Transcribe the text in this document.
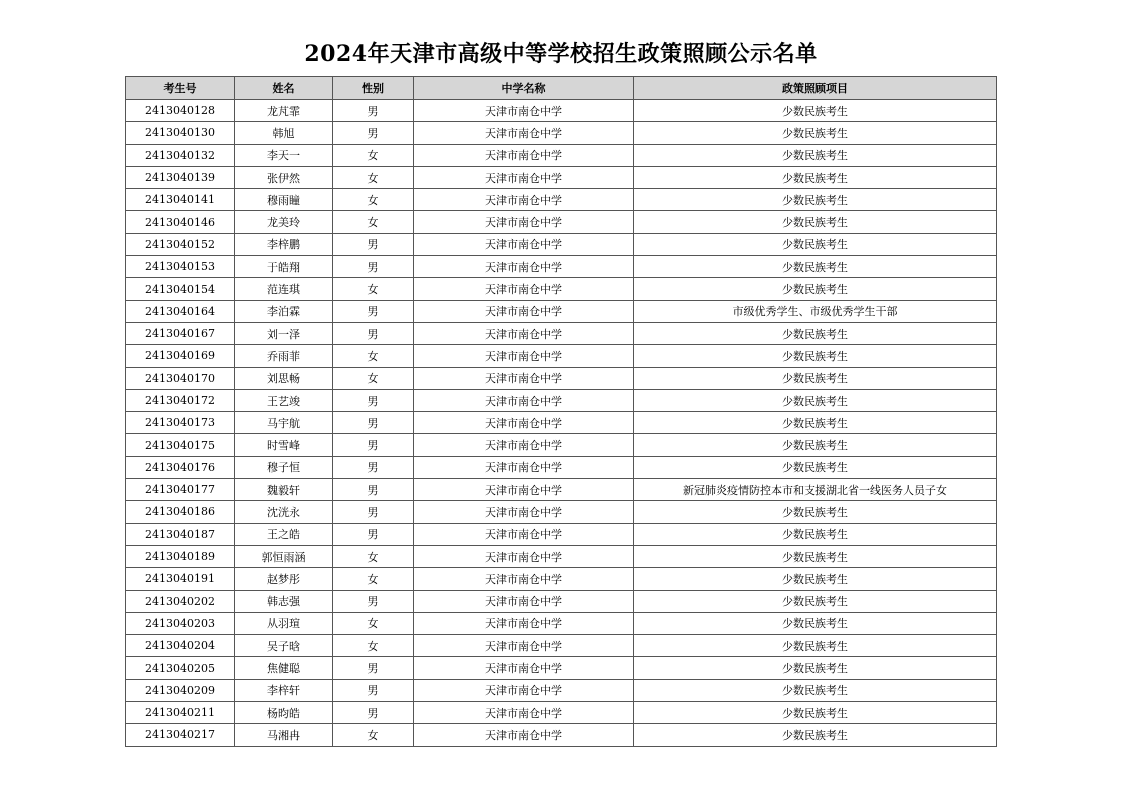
2024年天津市高级中等学校招生政策照顾公示名单
考生号	姓名	性别	中学名称	政策照顾项目
2413040128	龙芃霏	男	天津市南仓中学	少数民族考生
2413040130	韩旭	男	天津市南仓中学	少数民族考生
2413040132	李天一	女	天津市南仓中学	少数民族考生
2413040139	张伊然	女	天津市南仓中学	少数民族考生
2413040141	穆雨瞳	女	天津市南仓中学	少数民族考生
2413040146	龙美玲	女	天津市南仓中学	少数民族考生
2413040152	李梓鹏	男	天津市南仓中学	少数民族考生
2413040153	于皓翔	男	天津市南仓中学	少数民族考生
2413040154	范连琪	女	天津市南仓中学	少数民族考生
2413040164	李泊霖	男	天津市南仓中学	市级优秀学生、市级优秀学生干部
2413040167	刘一泽	男	天津市南仓中学	少数民族考生
2413040169	乔雨菲	女	天津市南仓中学	少数民族考生
2413040170	刘思畅	女	天津市南仓中学	少数民族考生
2413040172	王艺竣	男	天津市南仓中学	少数民族考生
2413040173	马宇航	男	天津市南仓中学	少数民族考生
2413040175	时雪峰	男	天津市南仓中学	少数民族考生
2413040176	穆子恒	男	天津市南仓中学	少数民族考生
2413040177	魏毅轩	男	天津市南仓中学	新冠肺炎疫情防控本市和支援湖北省一线医务人员子女
2413040186	沈洸永	男	天津市南仓中学	少数民族考生
2413040187	王之皓	男	天津市南仓中学	少数民族考生
2413040189	郭恒雨涵	女	天津市南仓中学	少数民族考生
2413040191	赵梦彤	女	天津市南仓中学	少数民族考生
2413040202	韩志强	男	天津市南仓中学	少数民族考生
2413040203	从羽瑄	女	天津市南仓中学	少数民族考生
2413040204	吴子晗	女	天津市南仓中学	少数民族考生
2413040205	焦健聪	男	天津市南仓中学	少数民族考生
2413040209	李梓轩	男	天津市南仓中学	少数民族考生
2413040211	杨昀皓	男	天津市南仓中学	少数民族考生
2413040217	马湘冉	女	天津市南仓中学	少数民族考生
